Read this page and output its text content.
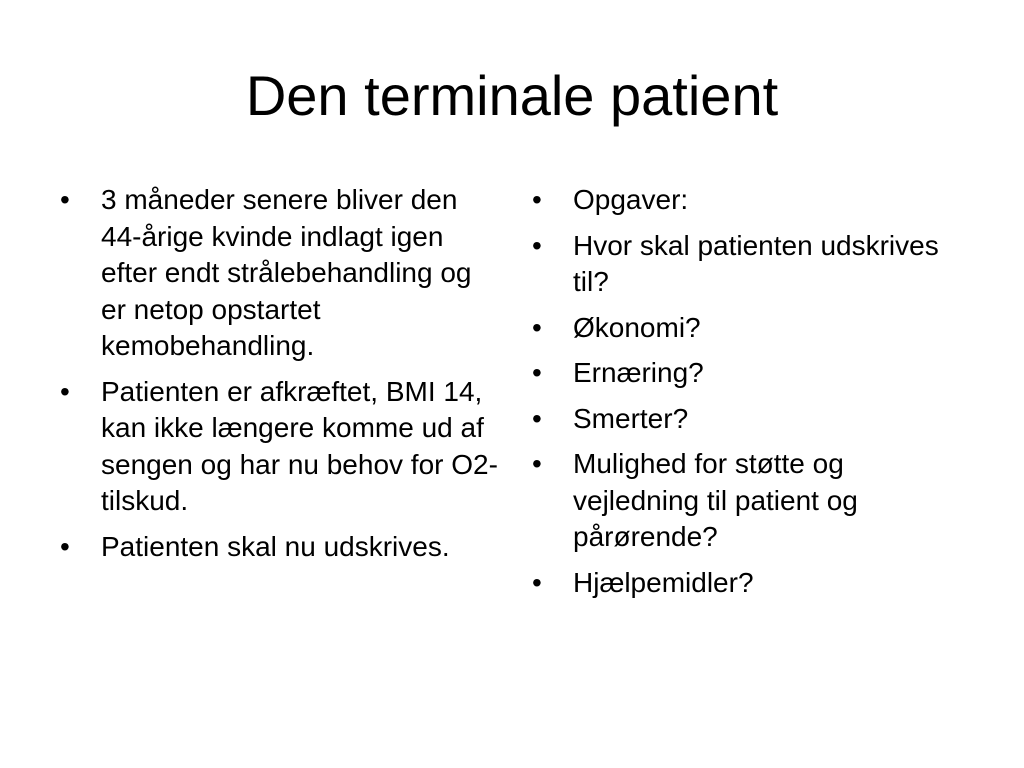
Den terminale patient
•	3 måneder senere bliver den 44-årige kvinde indlagt igen efter endt strålebehandling og er netop opstartet kemobehandling.
•	Patienten er afkræftet, BMI 14, kan ikke længere komme ud af sengen og har nu behov for O2-tilskud.
•	Patienten skal nu udskrives.
•	Opgaver:
•	Hvor skal patienten udskrives til?
•	Økonomi?
•	Ernæring?
•	Smerter?
•	Mulighed for støtte og vejledning til patient og pårørende?
•	Hjælpemidler?
